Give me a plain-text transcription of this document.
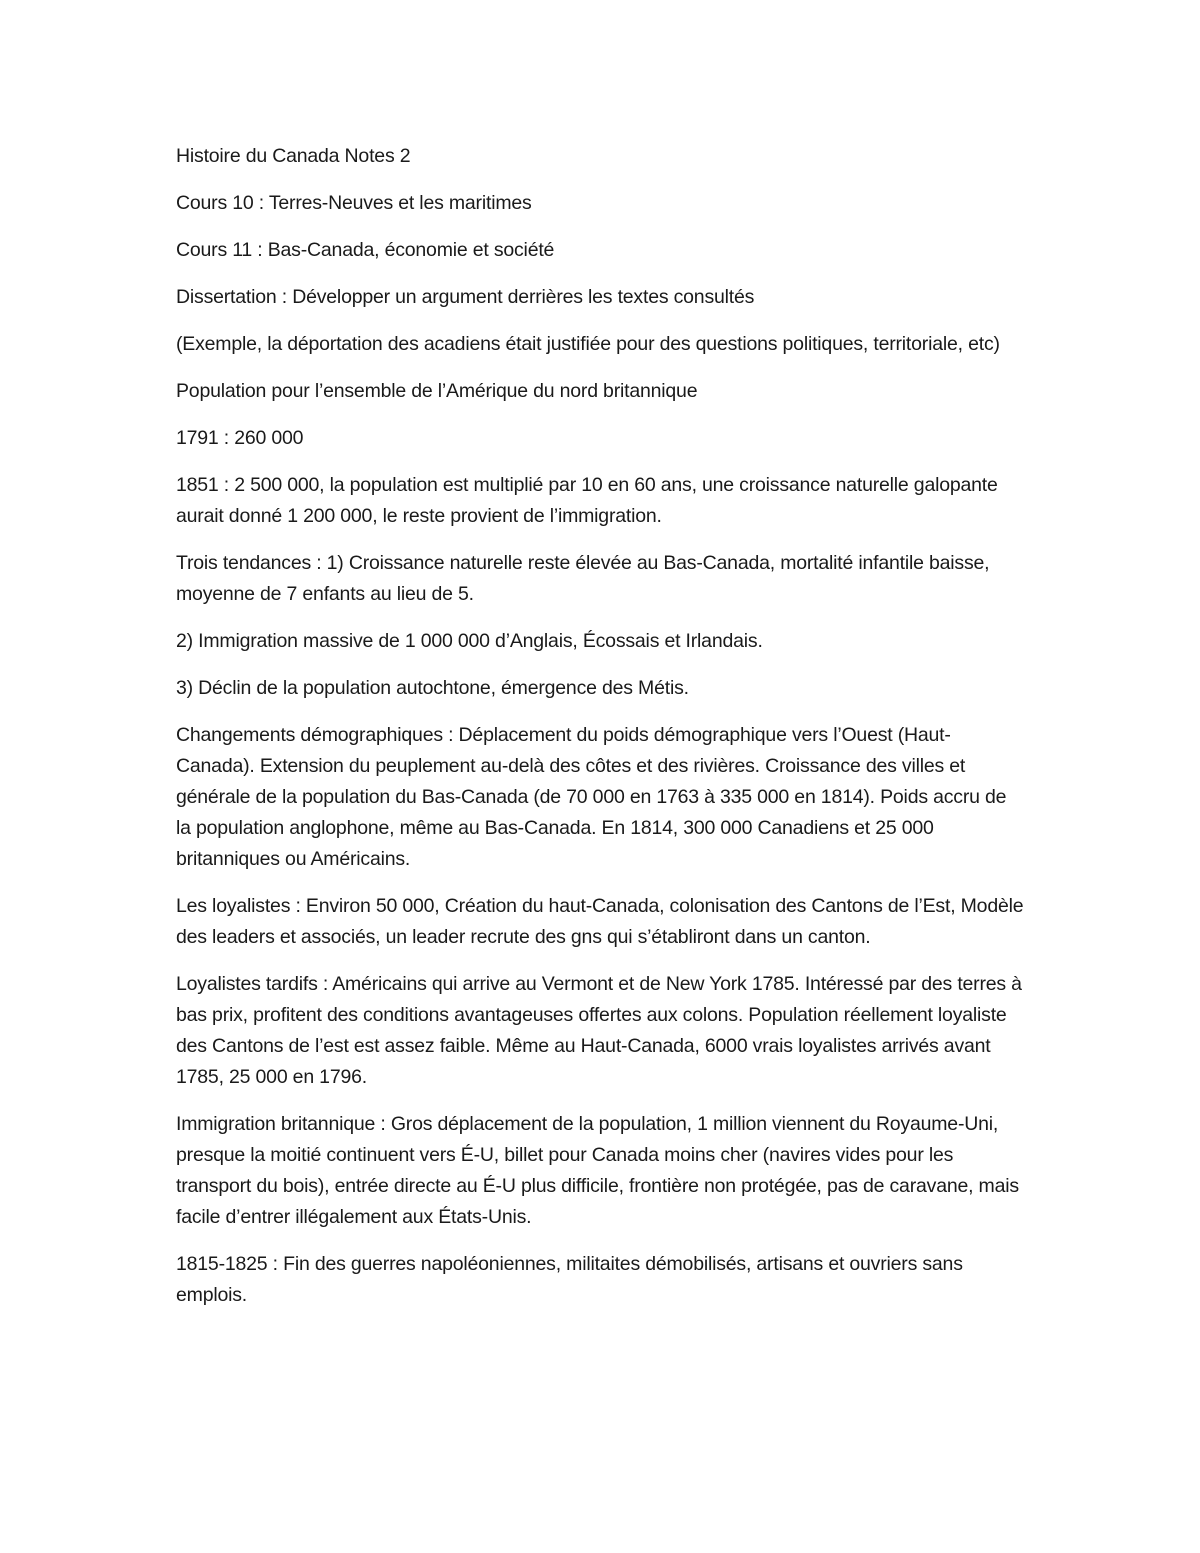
Histoire du Canada Notes 2

Cours 10 : Terres-Neuves et les maritimes

Cours 11 : Bas-Canada, économie et société

Dissertation : Développer un argument derrières les textes consultés

(Exemple, la déportation des acadiens était justifiée pour des questions politiques, territoriale, etc)

Population pour l’ensemble de l’Amérique du nord britannique

1791 : 260 000

1851 : 2 500 000, la population est multiplié par 10 en 60 ans, une croissance naturelle galopante aurait donné 1 200 000, le reste provient de l’immigration.

Trois tendances : 1) Croissance naturelle reste élevée au Bas-Canada, mortalité infantile baisse, moyenne de 7 enfants au lieu de 5.

2) Immigration massive de 1 000 000 d’Anglais, Écossais et Irlandais.

3) Déclin de la population autochtone, émergence des Métis.

Changements démographiques : Déplacement du poids démographique vers l’Ouest (Haut-Canada). Extension du peuplement au-delà des côtes et des rivières. Croissance des villes et générale de la population du Bas-Canada (de 70 000 en 1763 à 335 000 en 1814). Poids accru de la population anglophone, même au Bas-Canada. En 1814, 300 000 Canadiens et 25 000 britanniques ou Américains.

Les loyalistes : Environ 50 000, Création du haut-Canada, colonisation des Cantons de l’Est, Modèle des leaders et associés, un leader recrute des gns qui s’établiront dans un canton.

Loyalistes tardifs : Américains qui arrive au Vermont et de New York 1785. Intéressé par des terres à bas prix, profitent des conditions avantageuses offertes aux colons. Population réellement loyaliste des Cantons de l’est est assez faible. Même au Haut-Canada, 6000 vrais loyalistes arrivés avant 1785, 25 000 en 1796.

Immigration britannique : Gros déplacement de la population, 1 million viennent du Royaume-Uni, presque la moitié continuent vers É-U, billet pour Canada moins cher (navires vides pour les transport du bois), entrée directe au É-U plus difficile, frontière non protégée, pas de caravane, mais facile d’entrer illégalement aux États-Unis.

1815-1825 : Fin des guerres napoléoniennes, militaites démobilisés, artisans et ouvriers sans emplois.
